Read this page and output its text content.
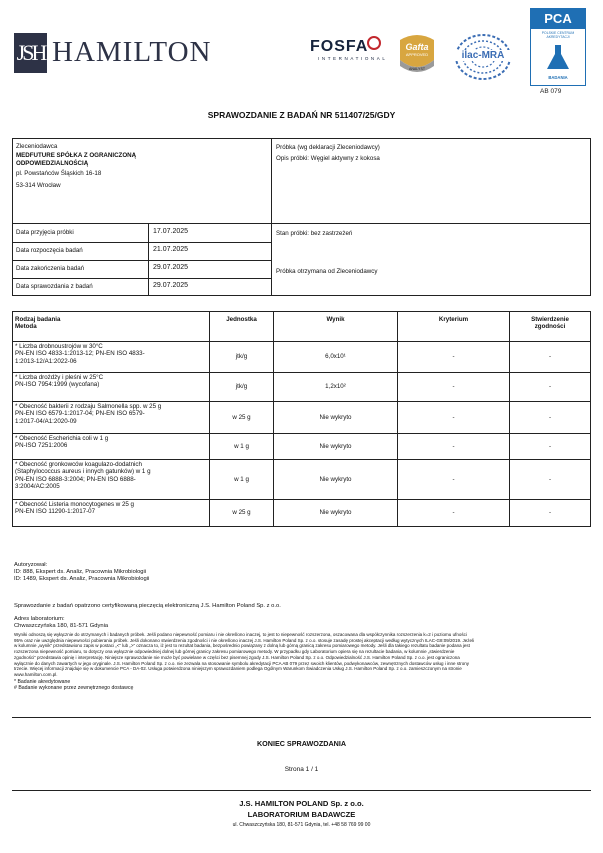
JSH HAMILTON	FOSFA
INTERNATIONAL
Gafta
APPROVED
ANALYST
ilac-MRA
PCA
POLSKIE CENTRUM AKREDYTACJI
BADANIA
AB 079
SPRAWOZDANIE Z BADAŃ NR 511407/25/GDY
Zleceniodawca
MEDFUTURE SPÓŁKA Z OGRANICZONĄ
ODPOWIEDZIALNOŚCIĄ
pl. Powstańców Śląskich 16-18
53-314 Wrocław
Próbka (wg deklaracji Zleceniodawcy)
Opis próbki: Węgiel aktywny z kokosa
Stan próbki: bez zastrzeżeń
Próbka otrzymana od Zleceniodawcy
Data przyjęcia próbki	17.07.2025
Data rozpoczęcia badań	21.07.2025
Data zakończenia badań	29.07.2025
Data sprawozdania z badań	29.07.2025
Rodzaj badania
Metoda	Jednostka	Wynik	Kryterium	Stwierdzenie
zgodności
* Liczba drobnoustrojów w 30°C
PN-EN ISO 4833-1:2013-12; PN-EN ISO 4833-
1:2013-12/A1:2022-06	jtk/g	6,0x10¹	-	-
* Liczba drożdży i pleśni w 25°C
PN-ISO 7954:1999 (wycofana)	jtk/g	1,2x10²	-	-
* Obecność bakterii z rodzaju Salmonella spp. w 25 g
PN-EN ISO 6579-1:2017-04; PN-EN ISO 6579-
1:2017-04/A1:2020-09	w 25 g	Nie wykryto	-	-
* Obecność Escherichia coli w 1 g
PN-ISO 7251:2006	w 1 g	Nie wykryto	-	-
* Obecność gronkowców koagulazo-dodatnich
(Staphylococcus aureus i innych gatunków) w 1 g
PN-EN ISO 6888-3:2004; PN-EN ISO 6888-
3:2004/AC:2005	w 1 g	Nie wykryto	-	-
* Obecność Listeria monocytogenes w 25 g
PN-EN ISO 11290-1:2017-07	w 25 g	Nie wykryto	-	-
Autoryzował:
ID: 888, Ekspert ds. Analiz, Pracownia Mikrobiologii
ID: 1489, Ekspert ds. Analiz, Pracownia Mikrobiologii
Sprawozdanie z badań opatrzono certyfikowaną pieczęcią elektroniczną J.S. Hamilton Poland Sp. z o.o.
Adres laboratorium:
Chwaszczyńska 180, 81-571 Gdynia
Wyniki odnoszą się wyłącznie do otrzymanych i badanych próbek. Jeśli podano niepewność pomiaru i nie określono inaczej, to jest to niepewność rozszerzona, oszacowana dla współczynnika rozszerzenia k=2 i poziomu ufności
95% oraz nie uwzględnia niepewności pobierania próbek. Jeśli dokonano stwierdzenia zgodności i nie określono inaczej J.S. Hamilton Poland Sp. z o.o. stosuje zasadę prostej akceptacji według wytycznych ILAC-G8:09/2019. Jeżeli
w kolumnie „wynik” przedstawiono zapis w postaci „<” lub „>” oznacza to, iż jest to rezultat badania, bezpośrednio powiązany z dolną lub górną granicą zakresu pomiarowego metody. Jeśli dla takiego rezultatu badanie podana jest
rozszerzona niepewność pomiaru, to dotyczy ona wyłącznie odpowiedniej dolnej lub górnej granicy zakresu pomiarowego metody. W przypadku gdy Laboratorium opiera się na rezultacie badania, w kolumnie „stwierdzenie
zgodności” przedstawia opinię i interpretację. Niniejsze sprawozdanie nie może być powielane w części bez pisemnej zgody J.S. Hamilton Poland Sp. z o.o. Odpowiedzialność J.S. Hamilton Poland Sp. z o.o. jest ograniczona
wyłącznie do danych zawartych w jego oryginale. J.S. Hamilton Poland Sp. z o.o. nie zezwala na stosowanie symbolu akredytacji PCA AB 079 przez swoich klientów, podwykonawców, zewnętrznych dostawców usług i inne strony
trzecie. Więcej informacji znajduje się w dokumencie PCA - DA-02. Usługa potwierdzona niniejszym sprawozdaniem podlega Ogólnym Warunkom Świadczenia Usług J.S. Hamilton Poland Sp. z o.o. zamieszczonym na stronie
www.hamilton.com.pl.
* Badanie akredytowane
# Badanie wykonane przez zewnętrznego dostawcę
KONIEC SPRAWOZDANIA
Strona 1 / 1
J.S. HAMILTON POLAND Sp. z o.o.
LABORATORIUM BADAWCZE
ul. Chwaszczyńska 180, 81-571 Gdynia, tel. +48 58 769 99 00
